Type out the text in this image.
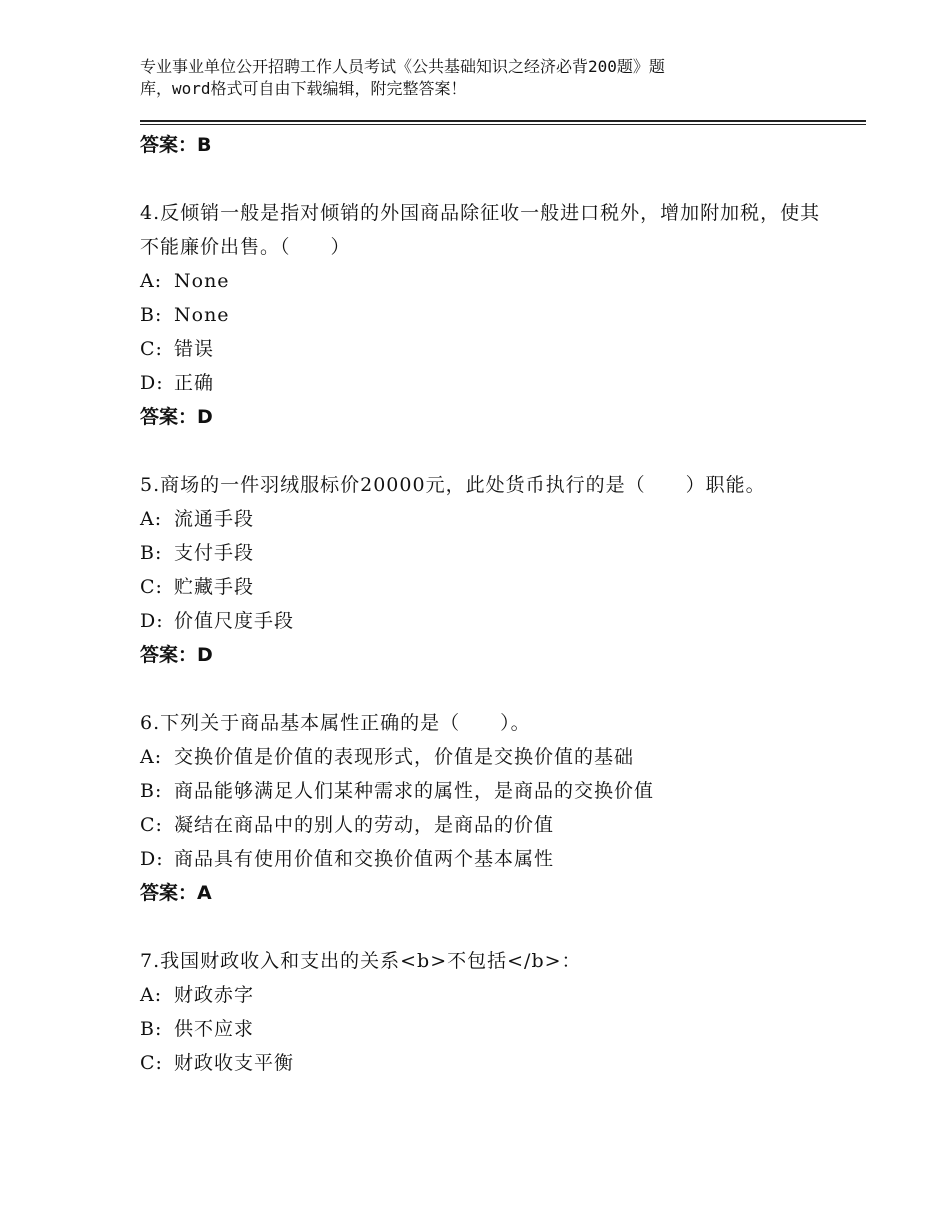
专业事业单位公开招聘工作人员考试《公共基础知识之经济必背200题》题
库，word格式可自由下载编辑，附完整答案！
答案：B
4.反倾销一般是指对倾销的外国商品除征收一般进口税外，增加附加税，使其不能廉价出售。（　　）
A: None
B: None
C: 错误
D: 正确
答案：D
5.商场的一件羽绒服标价20000元，此处货币执行的是（　　）职能。
A: 流通手段
B: 支付手段
C: 贮藏手段
D: 价值尺度手段
答案：D
6.下列关于商品基本属性正确的是（　　）。
A: 交换价值是价值的表现形式，价值是交换价值的基础
B: 商品能够满足人们某种需求的属性，是商品的交换价值
C: 凝结在商品中的别人的劳动，是商品的价值
D: 商品具有使用价值和交换价值两个基本属性
答案：A
7.我国财政收入和支出的关系<b>不包括</b>：
A: 财政赤字
B: 供不应求
C: 财政收支平衡
